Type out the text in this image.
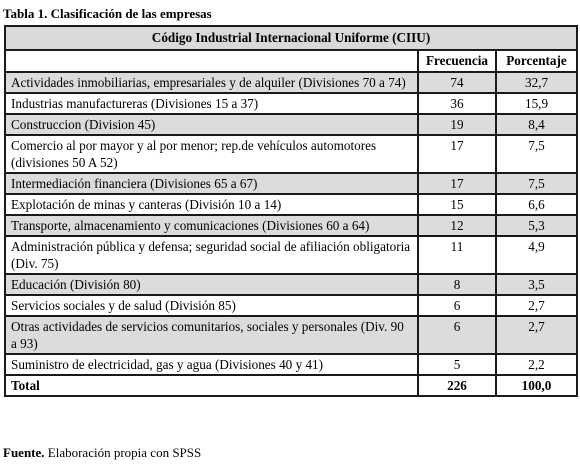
Tabla 1. Clasificación de las empresas
Código Industrial Internacional Uniforme (CIIU)		
	Frecuencia	Porcentaje
Actividades inmobiliarias, empresariales y de alquiler (Divisiones 70 a 74)	74	32,7
Industrias manufactureras (Divisiones 15 a 37)	36	15,9
Construccion (Division 45)	19	8,4
Comercio al por mayor y al por menor; rep.de vehículos automotores (divisiones 50 A 52)	17	7,5
Intermediación financiera (Divisiones 65 a 67)	17	7,5
Explotación de minas y canteras (División 10 a 14)	15	6,6
Transporte, almacenamiento y comunicaciones (Divisiones 60 a 64)	12	5,3
Administración pública y defensa; seguridad social de afiliación obligatoria (Div. 75)	11	4,9
Educación (División 80)	8	3,5
Servicios sociales y de salud (División 85)	6	2,7
Otras actividades de servicios comunitarios, sociales y personales (Div. 90 a 93)	6	2,7
Suministro de electricidad, gas y agua (Divisiones 40 y 41)	5	2,2
Total	226	100,0
Fuente. Elaboración propia con SPSS
